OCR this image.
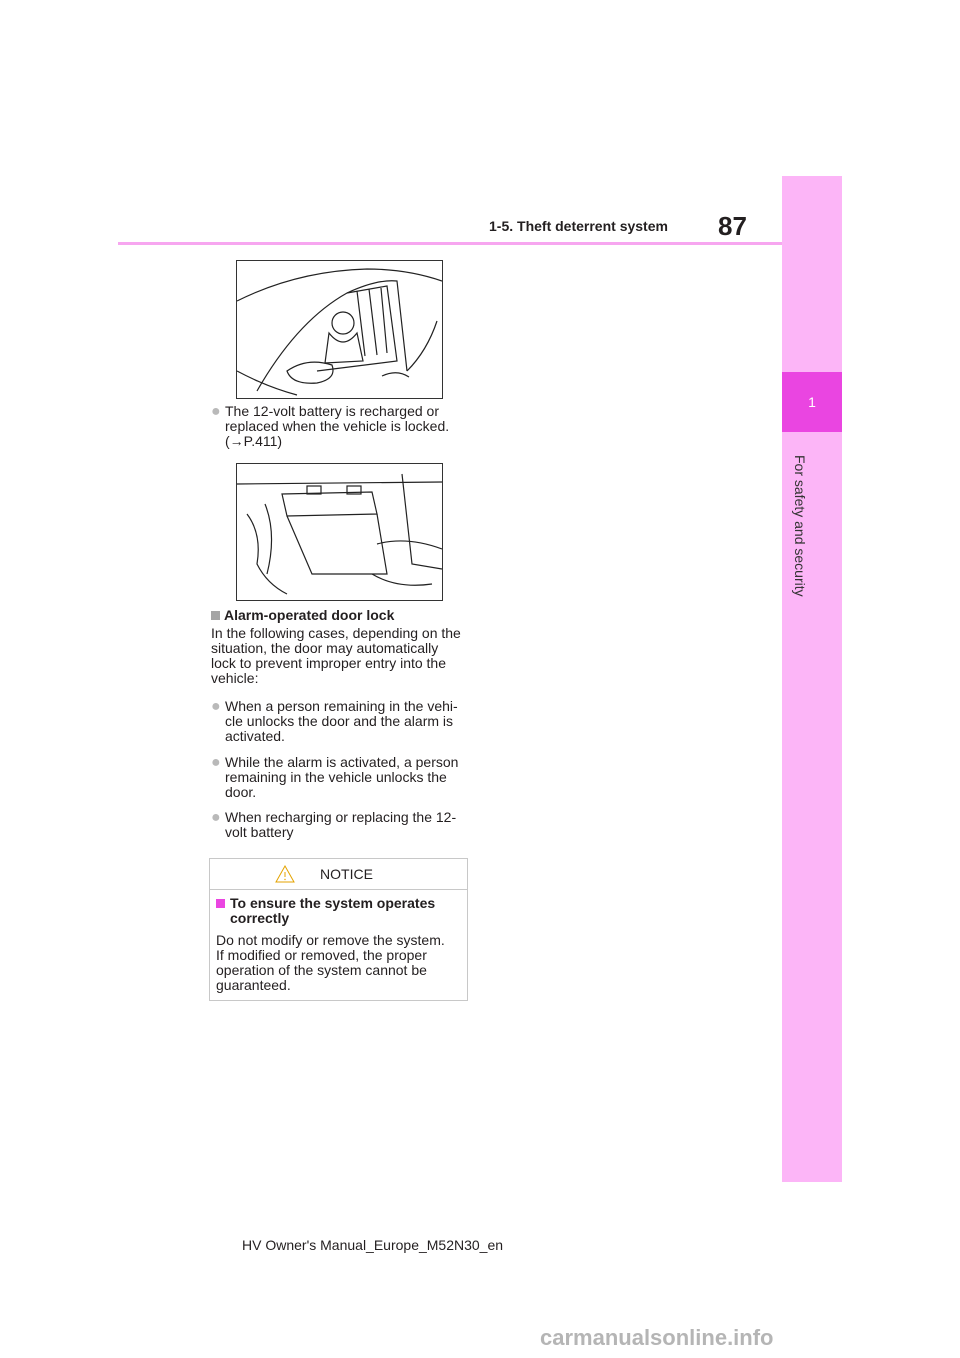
1-5. Theft deterrent system 87
1
For safety and security
● The 12-volt battery is recharged or
replaced when the vehicle is locked.
(→P.411)
Alarm-operated door lock
In the following cases, depending on the
situation, the door may automatically
lock to prevent improper entry into the
vehicle:
● When a person remaining in the vehi-
cle unlocks the door and the alarm is
activated.
● While the alarm is activated, a person
remaining in the vehicle unlocks the
door.
● When recharging or replacing the 12-
volt battery
NOTICE
To ensure the system operates
correctly
Do not modify or remove the system.
If modified or removed, the proper
operation of the system cannot be
guaranteed.
HV Owner's Manual_Europe_M52N30_en
carmanualsonline.info
